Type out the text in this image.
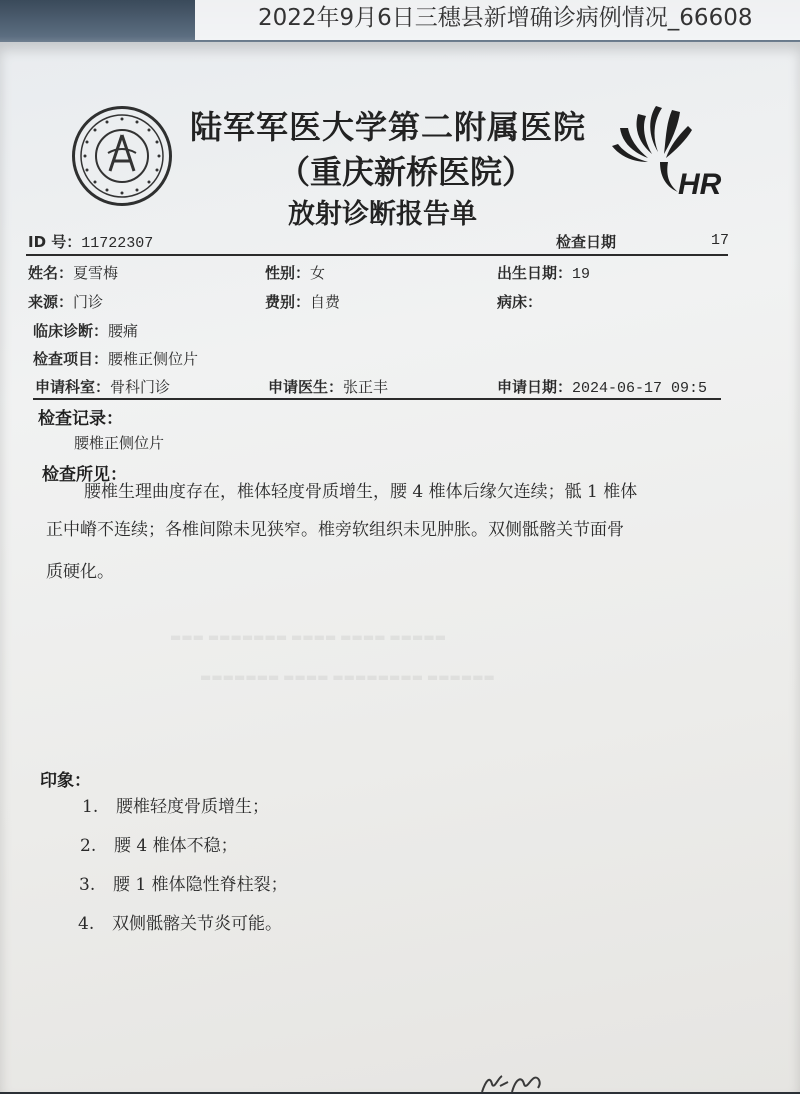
陆军军医大学第二附属医院
（重庆新桥医院）
放射诊断报告单
HR
ID 号：11722307	检查日期	17
姓名：夏雪梅	性别：女	出生日期：19
来源：门诊	费别：自费	病床：
临床诊断：腰痛
检查项目：腰椎正侧位片
申请科室：骨科门诊	申请医生：张正丰	申请日期：2024-06-17 09:5
检查记录：
腰椎正侧位片
检查所见：
腰椎生理曲度存在，椎体轻度骨质增生，腰 4 椎体后缘欠连续；骶 1 椎体
正中嵴不连续；各椎间隙未见狭窄。椎旁软组织未见肿胀。双侧骶髂关节面骨
质硬化。
▬▬▬ ▬▬▬▬▬▬▬ ▬▬▬▬ ▬▬▬▬ ▬▬▬▬▬
▬▬▬▬▬▬▬ ▬▬▬▬ ▬▬▬▬▬▬▬▬ ▬▬▬▬▬▬
印象：
1. 腰椎轻度骨质增生；
2. 腰 4 椎体不稳；
3. 腰 1 椎体隐性脊柱裂；
4. 双侧骶髂关节炎可能。
2022年9月6日三穗县新增确诊病例情况_66608
